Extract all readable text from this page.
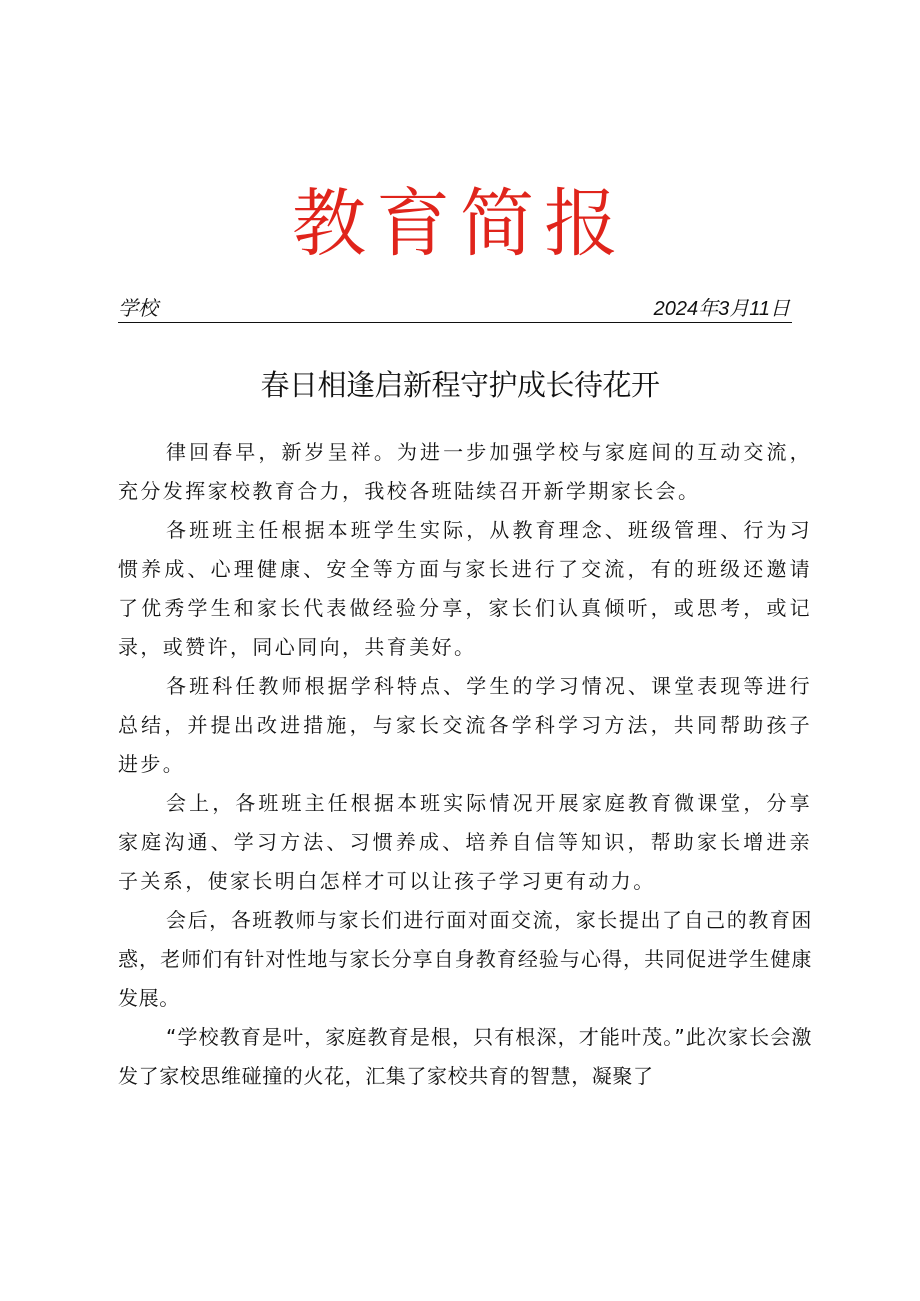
教育简报
学校	2024年3月11日
春日相逢启新程守护成长待花开

律回春早，新岁呈祥。为进一步加强学校与家庭间的互动交流，充分发挥家校教育合力，我校各班陆续召开新学期家长会。

各班班主任根据本班学生实际，从教育理念、班级管理、行为习惯养成、心理健康、安全等方面与家长进行了交流，有的班级还邀请了优秀学生和家长代表做经验分享，家长们认真倾听，或思考，或记录，或赞许，同心同向，共育美好。

各班科任教师根据学科特点、学生的学习情况、课堂表现等进行总结，并提出改进措施，与家长交流各学科学习方法，共同帮助孩子进步。

会上，各班班主任根据本班实际情况开展家庭教育微课堂，分享家庭沟通、学习方法、习惯养成、培养自信等知识，帮助家长增进亲子关系，使家长明白怎样才可以让孩子学习更有动力。

会后，各班教师与家长们进行面对面交流，家长提出了自己的教育困惑，老师们有针对性地与家长分享自身教育经验与心得，共同促进学生健康发展。

“学校教育是叶，家庭教育是根，只有根深，才能叶茂。”此次家长会激发了家校思维碰撞的火花，汇集了家校共育的智慧，凝聚了
